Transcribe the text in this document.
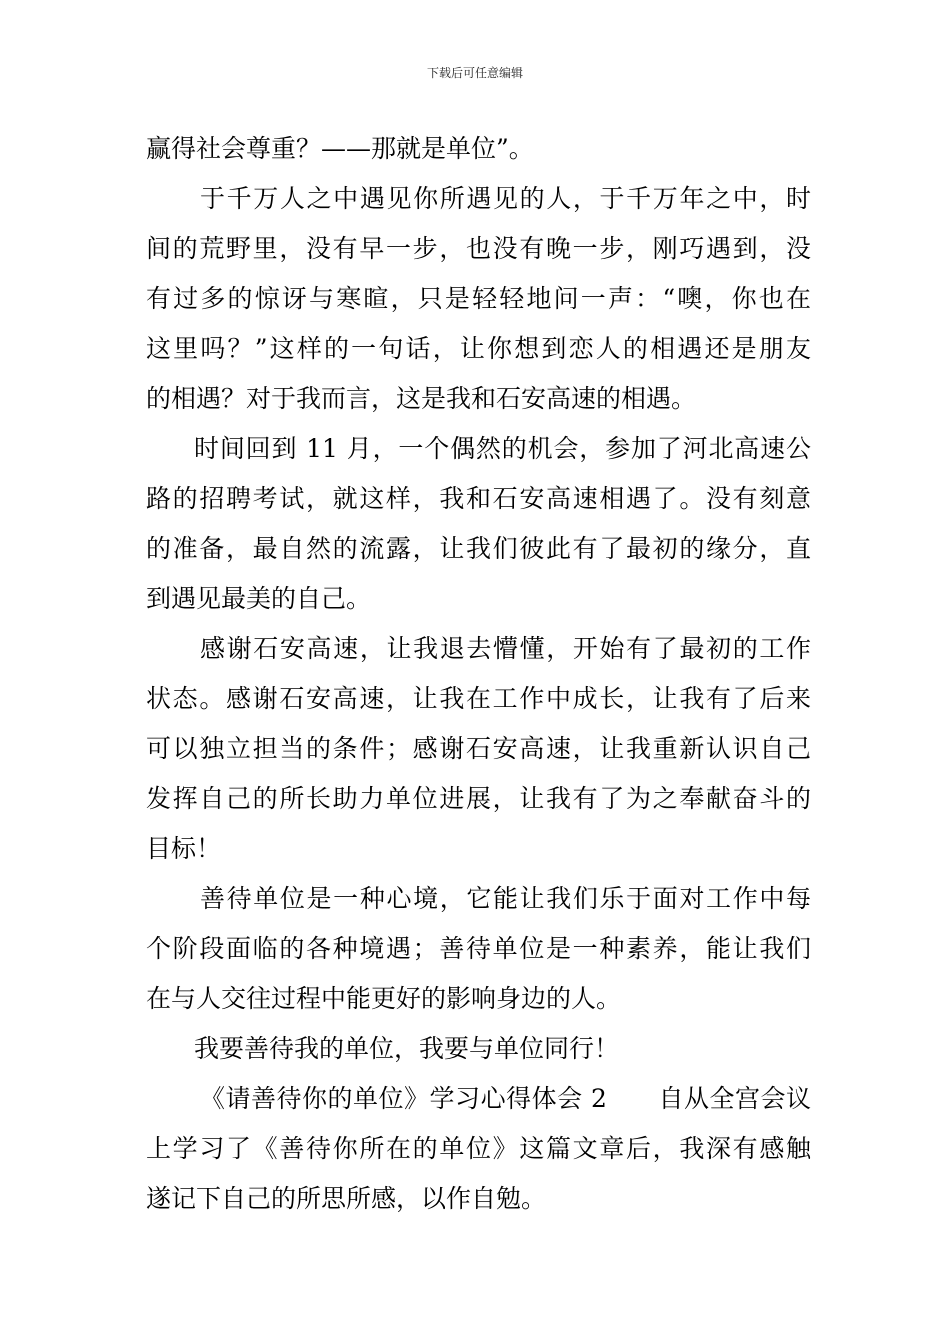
下载后可任意编辑
赢得社会尊重？——那就是单位”。
于千万人之中遇见你所遇见的人，于千万年之中，时
间的荒野里，没有早一步，也没有晚一步，刚巧遇到，没
有过多的惊讶与寒暄，只是轻轻地问一声：“噢，你也在
这里吗？”这样的一句话，让你想到恋人的相遇还是朋友
的相遇？对于我而言，这是我和石安高速的相遇。
时间回到 11 月，一个偶然的机会，参加了河北高速公
路的招聘考试，就这样，我和石安高速相遇了。没有刻意
的准备，最自然的流露，让我们彼此有了最初的缘分，直
到遇见最美的自己。
感谢石安高速，让我退去懵懂，开始有了最初的工作
状态。感谢石安高速，让我在工作中成长，让我有了后来
可以独立担当的条件；感谢石安高速，让我重新认识自己
发挥自己的所长助力单位进展，让我有了为之奉献奋斗的
目标！
善待单位是一种心境，它能让我们乐于面对工作中每
个阶段面临的各种境遇；善待单位是一种素养，能让我们
在与人交往过程中能更好的影响身边的人。
我要善待我的单位，我要与单位同行！
《请善待你的单位》学习心得体会 2　　自从全宫会议
上学习了《善待你所在的单位》这篇文章后，我深有感触
遂记下自己的所思所感，以作自勉。
